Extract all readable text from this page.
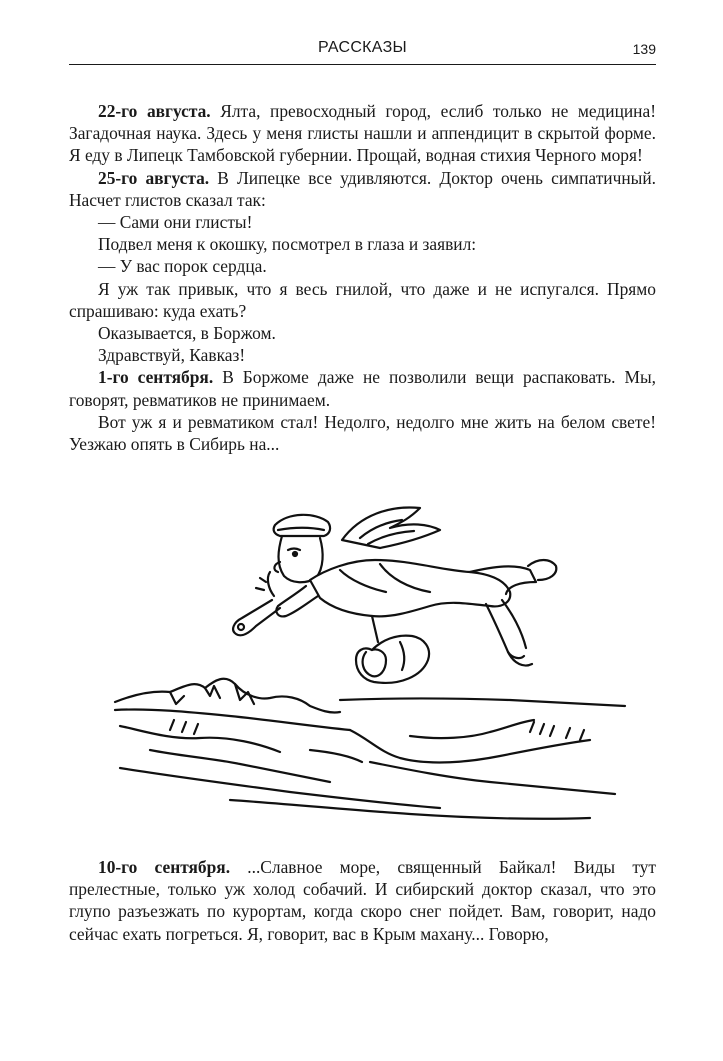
РАССКАЗЫ	139

22-го августа. Ялта, превосходный город, еслиб только не медицина! Загадочная наука. Здесь у меня глисты нашли и аппендицит в скрытой форме. Я еду в Липецк Тамбовской губернии. Прощай, водная стихия Черного моря!

25-го августа. В Липецке все удивляются. Доктор очень симпатичный. Насчет глистов сказал так:

— Сами они глисты!

Подвел меня к окошку, посмотрел в глаза и заявил:

— У вас порок сердца.

Я уж так привык, что я весь гнилой, что даже и не испугался. Прямо спрашиваю: куда ехать?

Оказывается, в Боржом.

Здравствуй, Кавказ!

1-го сентября. В Боржоме даже не позволили вещи распаковать. Мы, говорят, ревматиков не принимаем.

Вот уж я и ревматиком стал! Недолго, недолго мне жить на белом свете! Уезжаю опять в Сибирь на...

10-го сентября. ...Славное море, священный Байкал! Виды тут прелестные, только уж холод собачий. И сибирский доктор сказал, что это глупо разъезжать по курортам, когда скоро снег пойдет. Вам, говорит, надо сейчас ехать погреться. Я, говорит, вас в Крым махану... Говорю,
